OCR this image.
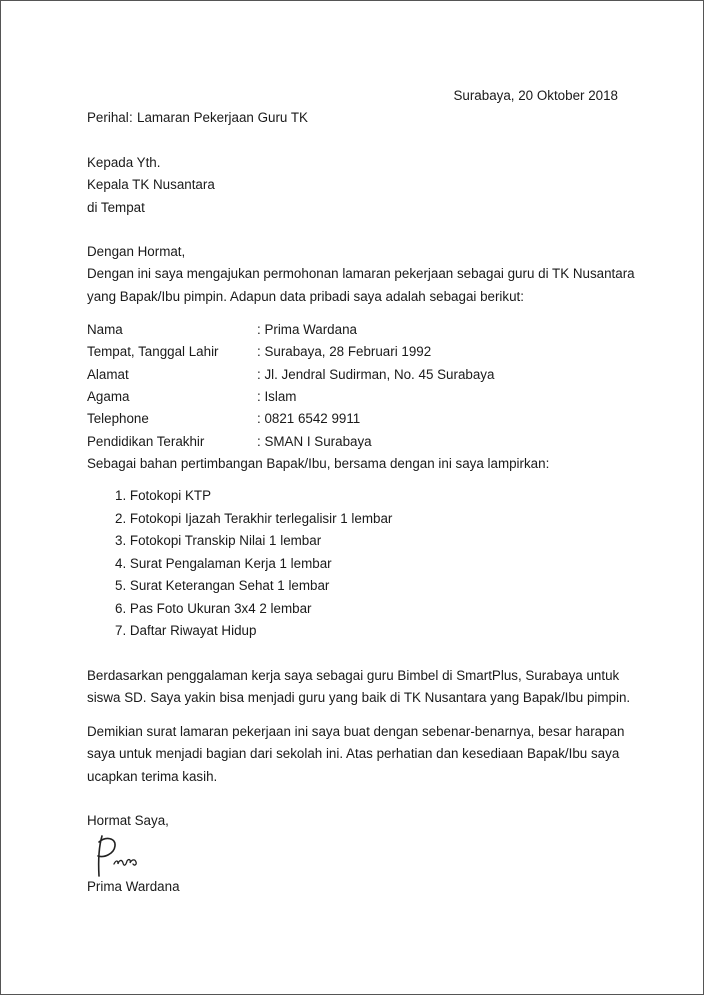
Surabaya, 20 Oktober 2018
Perihal : Lamaran Pekerjaan Guru TK
Kepada Yth.
Kepala TK Nusantara
di Tempat
Dengan Hormat,
Dengan ini saya mengajukan permohonan lamaran pekerjaan sebagai guru di TK Nusantara
yang Bapak/Ibu pimpin. Adapun data pribadi saya adalah sebagai berikut:
Nama	: Prima Wardana
Tempat, Tanggal Lahir	: Surabaya, 28 Februari 1992
Alamat	: Jl. Jendral Sudirman, No. 45 Surabaya
Agama	: Islam
Telephone	: 0821 6542 9911
Pendidikan Terakhir	: SMAN I Surabaya
Sebagai bahan pertimbangan Bapak/Ibu, bersama dengan ini saya lampirkan:
1. Fotokopi KTP
2. Fotokopi Ijazah Terakhir terlegalisir 1 lembar
3. Fotokopi Transkip Nilai 1 lembar
4. Surat Pengalaman Kerja 1 lembar
5. Surat Keterangan Sehat 1 lembar
6. Pas Foto Ukuran 3x4 2 lembar
7. Daftar Riwayat Hidup
Berdasarkan penggalaman kerja saya sebagai guru Bimbel di SmartPlus, Surabaya untuk
siswa SD. Saya yakin bisa menjadi guru yang baik di TK Nusantara yang Bapak/Ibu pimpin.
Demikian surat lamaran pekerjaan ini saya buat dengan sebenar-benarnya, besar harapan
saya untuk menjadi bagian dari sekolah ini. Atas perhatian dan kesediaan Bapak/Ibu saya
ucapkan terima kasih.
Hormat Saya,
Prima Wardana
